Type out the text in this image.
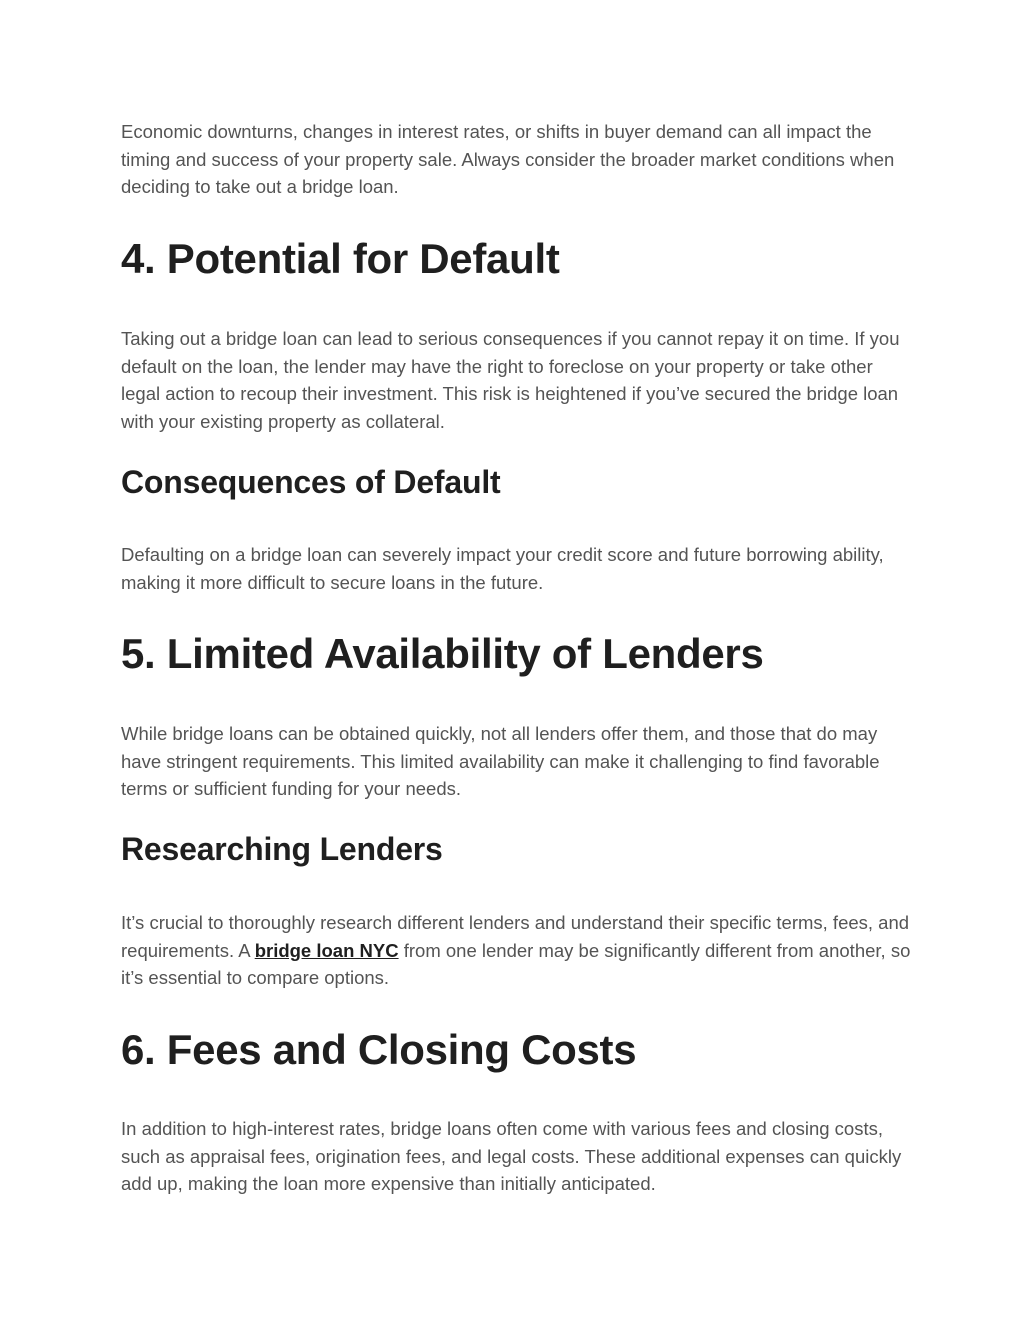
Economic downturns, changes in interest rates, or shifts in buyer demand can all impact the timing and success of your property sale. Always consider the broader market conditions when deciding to take out a bridge loan.

4. Potential for Default

Taking out a bridge loan can lead to serious consequences if you cannot repay it on time. If you default on the loan, the lender may have the right to foreclose on your property or take other legal action to recoup their investment. This risk is heightened if you’ve secured the bridge loan with your existing property as collateral.

Consequences of Default

Defaulting on a bridge loan can severely impact your credit score and future borrowing ability, making it more difficult to secure loans in the future.

5. Limited Availability of Lenders

While bridge loans can be obtained quickly, not all lenders offer them, and those that do may have stringent requirements. This limited availability can make it challenging to find favorable terms or sufficient funding for your needs.

Researching Lenders

It’s crucial to thoroughly research different lenders and understand their specific terms, fees, and requirements. A bridge loan NYC from one lender may be significantly different from another, so it’s essential to compare options.

6. Fees and Closing Costs

In addition to high-interest rates, bridge loans often come with various fees and closing costs, such as appraisal fees, origination fees, and legal costs. These additional expenses can quickly add up, making the loan more expensive than initially anticipated.
